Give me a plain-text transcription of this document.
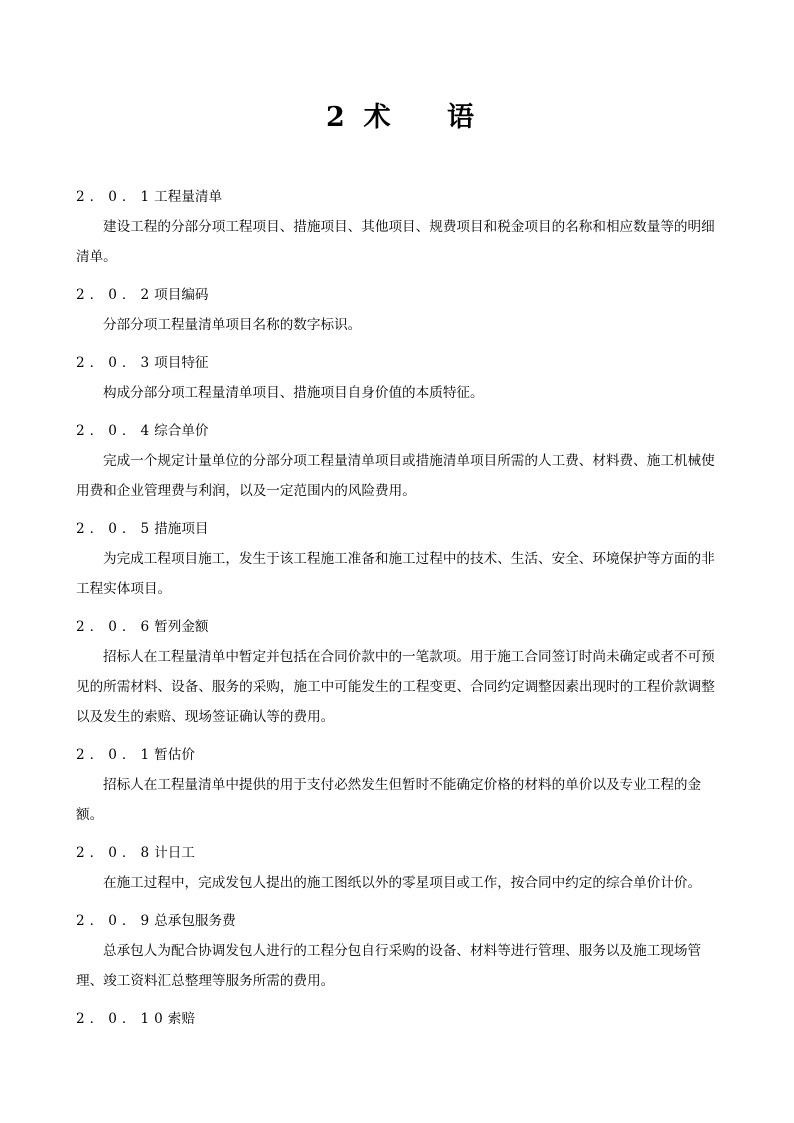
2  术      语
2．0．1工程量清单

建设工程的分部分项工程项目、措施项目、其他项目、规费项目和税金项目的名称和相应数量等的明细清单。

2．0．2项目编码

分部分项工程量清单项目名称的数字标识。

2．0．3项目特征

构成分部分项工程量清单项目、措施项目自身价值的本质特征。

2．0．4综合单价

完成一个规定计量单位的分部分项工程量清单项目或措施清单项目所需的人工费、材料费、施工机械使用费和企业管理费与利润，以及一定范围内的风险费用。

2．0．5措施项目

为完成工程项目施工，发生于该工程施工准备和施工过程中的技术、生活、安全、环境保护等方面的非工程实体项目。

2．0．6暂列金额

招标人在工程量清单中暂定并包括在合同价款中的一笔款项。用于施工合同签订时尚未确定或者不可预见的所需材料、设备、服务的采购，施工中可能发生的工程变更、合同约定调整因素出现时的工程价款调整以及发生的索赔、现场签证确认等的费用。

2．0．1暂估价

招标人在工程量清单中提供的用于支付必然发生但暂时不能确定价格的材料的单价以及专业工程的金额。

2．0．8计日工

在施工过程中，完成发包人提出的施工图纸以外的零星项目或工作，按合同中约定的综合单价计价。

2．0．9总承包服务费

总承包人为配合协调发包人进行的工程分包自行采购的设备、材料等进行管理、服务以及施工现场管理、竣工资料汇总整理等服务所需的费用。

2．0．10索赔
